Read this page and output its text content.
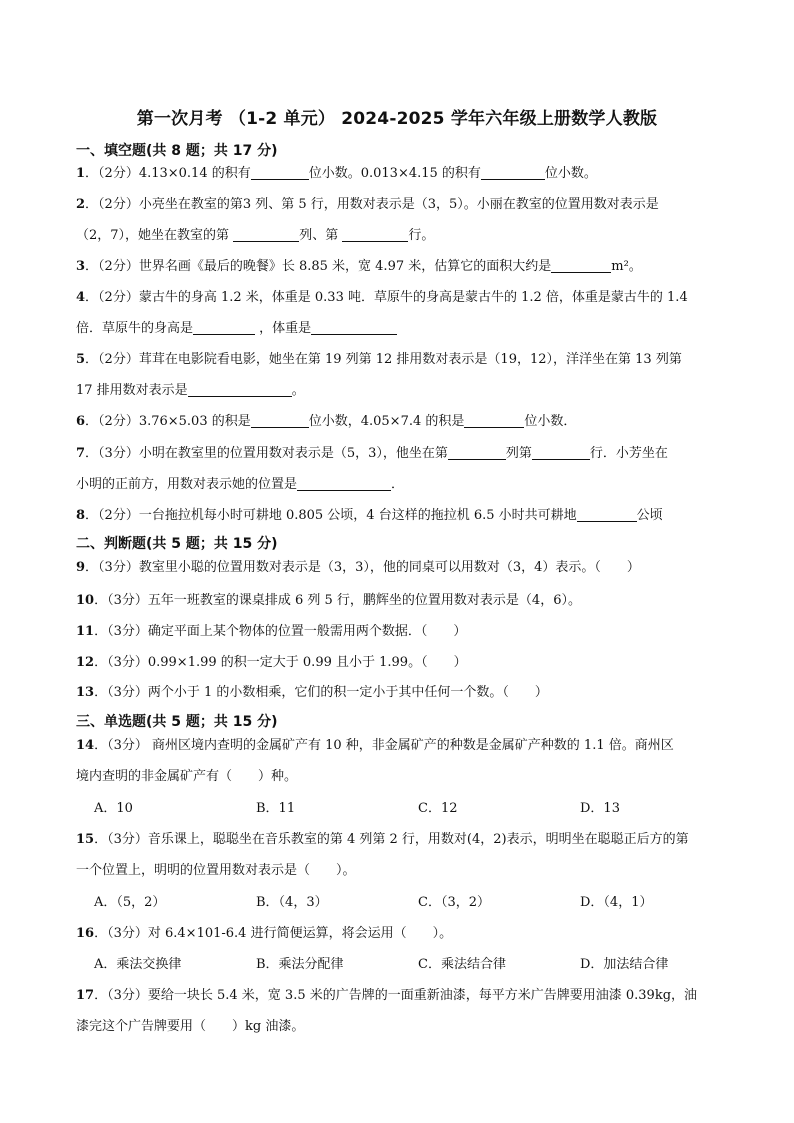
第一次月考 （1-2 单元） 2024-2025 学年六年级上册数学人教版
一、填空题(共 8 题；共 17 分)
1．（2分）4.13×0.14 的积有	位小数。0.013×4.15 的积有	位小数。
2．（2分）小亮坐在教室的第3 列、第 5 行，用数对表示是（3，5）。小丽在教室的位置用数对表示是
（2，7），她坐在教室的第	列、第	行。
3．（2分）世界名画《最后的晚餐》长 8.85 米，宽 4.97 米，估算它的面积大约是	m²。
4．（2分）蒙古牛的身高 1.2 米，体重是 0.33 吨．草原牛的身高是蒙古牛的 1.2 倍，体重是蒙古牛的 1.4
倍．草原牛的身高是	，体重是
5．（2分）茸茸在电影院看电影，她坐在第 19 列第 12 排用数对表示是（19，12），洋洋坐在第 13 列第
17 排用数对表示是	。
6．（2分）3.76×5.03 的积是	位小数，4.05×7.4 的积是	位小数．
7．（3分）小明在教室里的位置用数对表示是（5，3），他坐在第	列第	行．小芳坐在
小明的正前方，用数对表示她的位置是	．
8．（2分）一台拖拉机每小时可耕地 0.805 公顷，4 台这样的拖拉机 6.5 小时共可耕地	公顷
二、判断题(共 5 题；共 15 分)
9．（3分）教室里小聪的位置用数对表示是（3，3），他的同桌可以用数对（3，4）表示。（　　）
10．（3分）五年一班教室的课桌排成 6 列 5 行，鹏辉坐的位置用数对表示是（4，6）。
11．（3分）确定平面上某个物体的位置一般需用两个数据．（　　）
12．（3分）0.99×1.99 的积一定大于 0.99 且小于 1.99。（　　）
13．（3分）两个小于 1 的小数相乘，它们的积一定小于其中任何一个数。（　　）
三、单选题(共 5 题；共 15 分)
14．（3分） 商州区境内查明的金属矿产有 10 种，非金属矿产的种数是金属矿产种数的 1.1 倍。商州区
境内查明的非金属矿产有（　　）种。
A．10	B．11	C．12	D．13
15．（3分）音乐课上，聪聪坐在音乐教室的第 4 列第 2 行，用数对(4，2)表示，明明坐在聪聪正后方的第
一个位置上，明明的位置用数对表示是（　　）。
A．（5，2）	B．（4，3）	C．（3，2）	D．（4，1）
16．（3分）对 6.4×101-6.4 进行简便运算，将会运用（　　）。
A．乘法交换律	B．乘法分配律	C．乘法结合律	D．加法结合律
17．（3分）要给一块长 5.4 米，宽 3.5 米的广告牌的一面重新油漆，每平方米广告牌要用油漆 0.39kg，油
漆完这个广告牌要用（　　）kg 油漆。
